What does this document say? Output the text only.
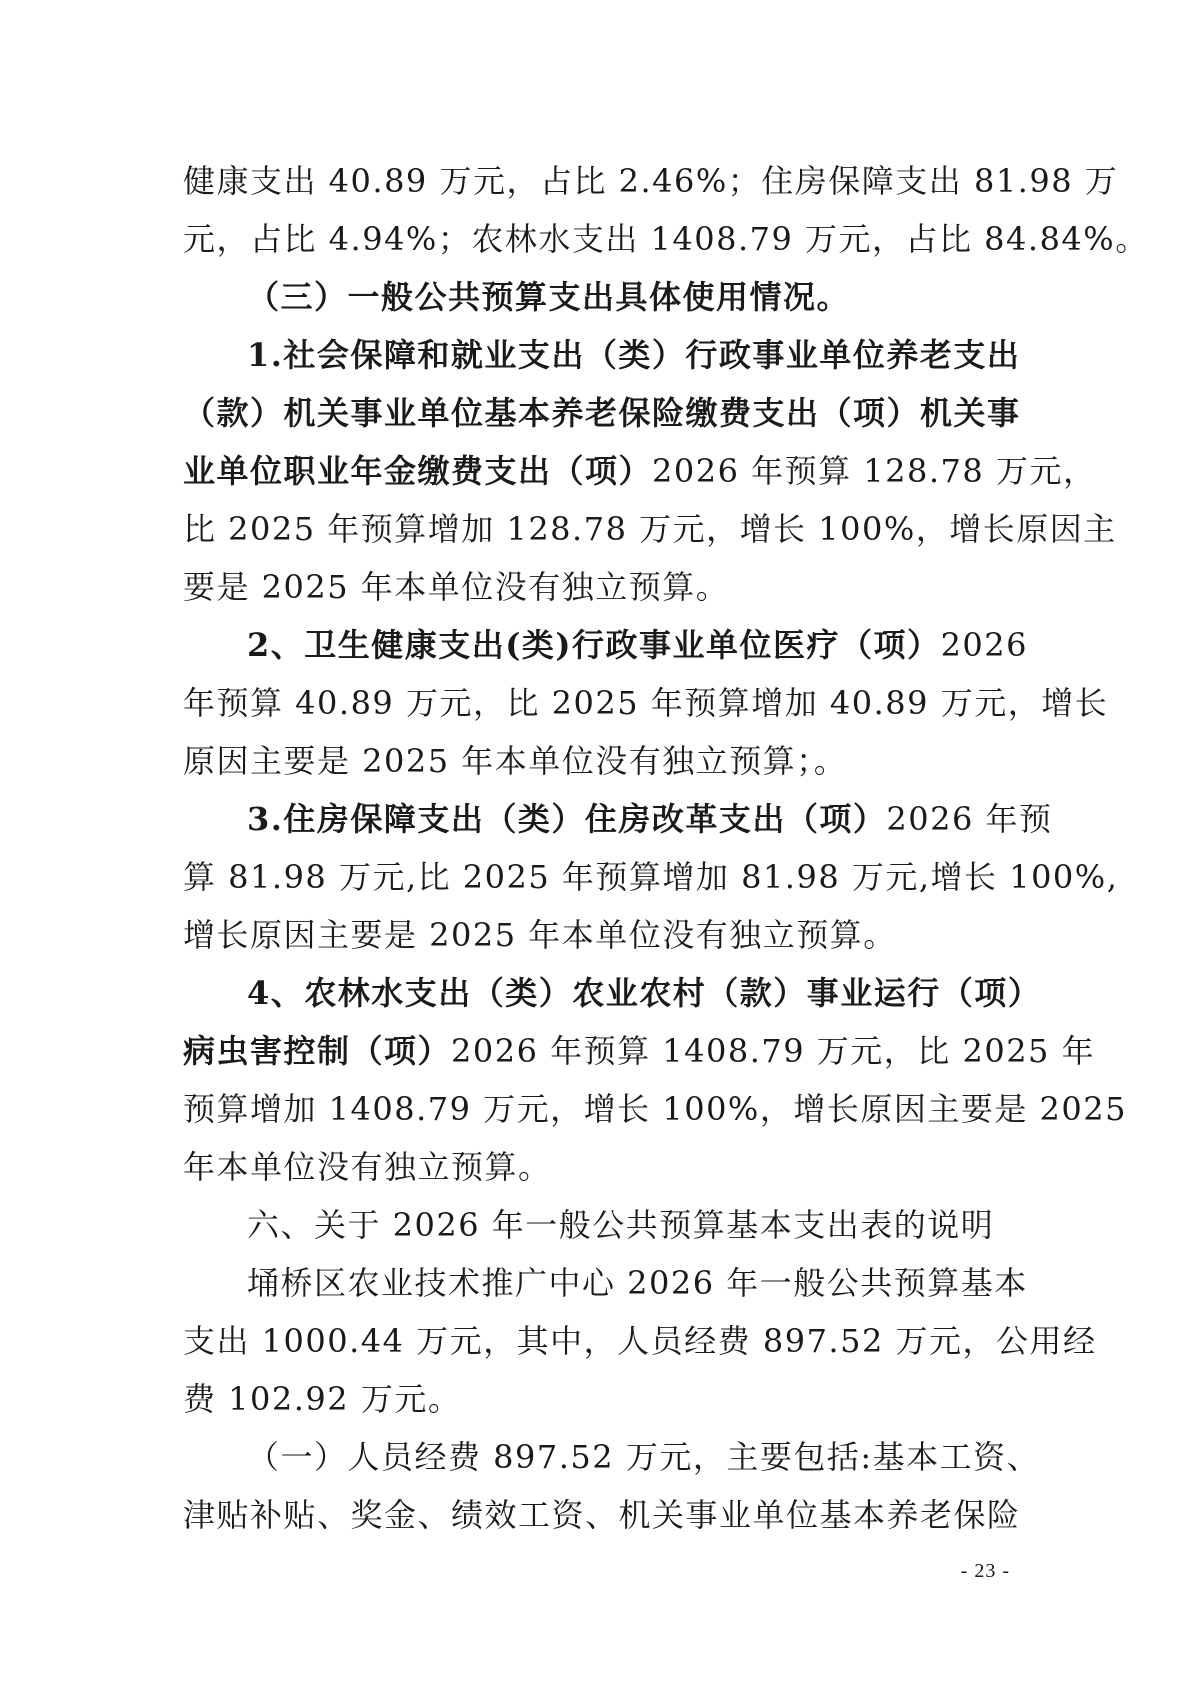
健康支出 40.89 万元，占比 2.46%；住房保障支出 81.98 万
元，占比 4.94%；农林水支出 1408.79 万元，占比 84.84%。
（三）一般公共预算支出具体使用情况。
1.社会保障和就业支出（类）行政事业单位养老支出
（款）机关事业单位基本养老保险缴费支出（项）机关事
业单位职业年金缴费支出（项）2026 年预算 128.78 万元，
比 2025 年预算增加 128.78 万元，增长 100%，增长原因主
要是 2025 年本单位没有独立预算。
2、卫生健康支出(类)行政事业单位医疗（项）2026
年预算 40.89 万元，比 2025 年预算增加 40.89 万元，增长
原因主要是 2025 年本单位没有独立预算；。
3.住房保障支出（类）住房改革支出（项）2026 年预
算 81.98 万元,比 2025 年预算增加 81.98 万元,增长 100%,
增长原因主要是 2025 年本单位没有独立预算。
4、农林水支出（类）农业农村（款）事业运行（项）
病虫害控制（项）2026 年预算 1408.79 万元，比 2025 年
预算增加 1408.79 万元，增长 100%，增长原因主要是 2025
年本单位没有独立预算。
六、关于 2026 年一般公共预算基本支出表的说明
埇桥区农业技术推广中心 2026 年一般公共预算基本
支出 1000.44 万元，其中，人员经费 897.52 万元，公用经
费 102.92 万元。
（一）人员经费 897.52 万元，主要包括:基本工资、
津贴补贴、奖金、绩效工资、机关事业单位基本养老保险
- 23 -
